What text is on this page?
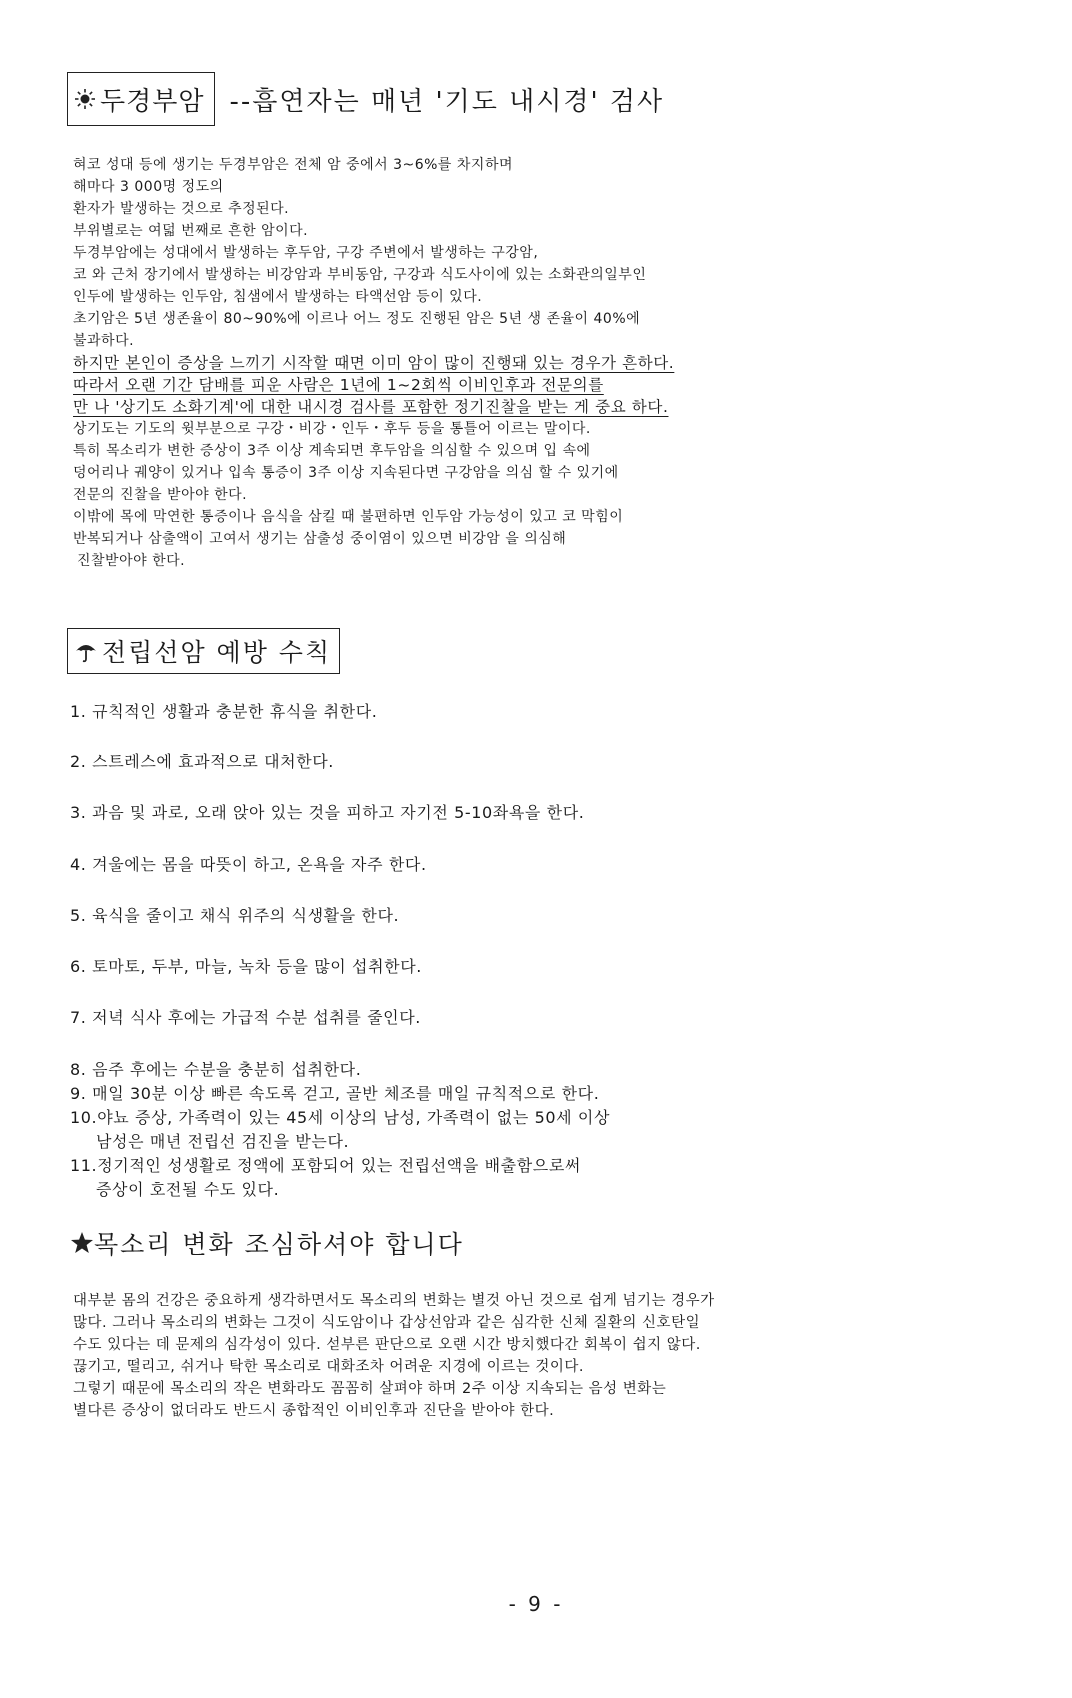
두경부암 --흡연자는 매년 '기도 내시경' 검사
혀코 성대 등에 생기는 두경부암은 전체 암 중에서 3~6%를 차지하며
해마다 3 000명 정도의
환자가 발생하는 것으로 추정된다.
부위별로는 여덟 번째로 흔한 암이다.
두경부암에는 성대에서 발생하는 후두암, 구강 주변에서 발생하는 구강암,
코 와 근처 장기에서 발생하는 비강암과 부비동암, 구강과 식도사이에 있는 소화관의일부인
인두에 발생하는 인두암, 침샘에서 발생하는 타액선암 등이 있다.
초기암은 5년 생존율이 80~90%에 이르나 어느 정도 진행된 암은 5년 생 존율이 40%에
불과하다.
하지만 본인이 증상을 느끼기 시작할 때면 이미 암이 많이 진행돼 있는 경우가 흔하다.
따라서 오랜 기간 담배를 피운 사람은 1년에 1~2회씩 이비인후과 전문의를
만 나 '상기도 소화기계'에 대한 내시경 검사를 포함한 정기진찰을 받는 게 중요 하다.
상기도는 기도의 윗부분으로 구강・비강・인두・후두 등을 통틀어 이르는 말이다.
특히 목소리가 변한 증상이 3주 이상 계속되면 후두암을 의심할 수 있으며 입 속에
덩어리나 궤양이 있거나 입속 통증이 3주 이상 지속된다면 구강암을 의심 할 수 있기에
전문의 진찰을 받아야 한다.
이밖에 목에 막연한 통증이나 음식을 삼킬 때 불편하면 인두암 가능성이 있고 코 막힘이
반복되거나 삼출액이 고여서 생기는 삼출성 중이염이 있으면 비강암 을 의심해
진찰받아야 한다.
전립선암 예방 수칙
1. 규칙적인 생활과 충분한 휴식을 취한다.
2. 스트레스에 효과적으로 대처한다.
3. 과음 및 과로, 오래 앉아 있는 것을 피하고 자기전 5-10좌욕을 한다.
4. 겨울에는 몸을 따뜻이 하고, 온욕을 자주 한다.
5. 육식을 줄이고 채식 위주의 식생활을 한다.
6. 토마토, 두부, 마늘, 녹차 등을 많이 섭취한다.
7. 저녁 식사 후에는 가급적 수분 섭취를 줄인다.
8. 음주 후에는 수분을 충분히 섭취한다.
9. 매일 30분 이상 빠른 속도록 걷고, 골반 체조를 매일 규칙적으로 한다.
10.야뇨 증상, 가족력이 있는 45세 이상의 남성, 가족력이 없는 50세 이상
남성은 매년 전립선 검진을 받는다.
11.정기적인 성생활로 정액에 포함되어 있는 전립선액을 배출함으로써
증상이 호전될 수도 있다.
목소리 변화 조심하셔야 합니다
대부분 몸의 건강은 중요하게 생각하면서도 목소리의 변화는 별것 아닌 것으로 쉽게 넘기는 경우가
많다. 그러나 목소리의 변화는 그것이 식도암이나 갑상선암과 같은 심각한 신체 질환의 신호탄일
수도 있다는 데 문제의 심각성이 있다. 섣부른 판단으로 오랜 시간 방치했다간 회복이 쉽지 않다.
끊기고, 떨리고, 쉬거나 탁한 목소리로 대화조차 어려운 지경에 이르는 것이다.
그렇기 때문에 목소리의 작은 변화라도 꼼꼼히 살펴야 하며 2주 이상 지속되는 음성 변화는
별다른 증상이 없더라도 반드시 종합적인 이비인후과 진단을 받아야 한다.
- 9 -
